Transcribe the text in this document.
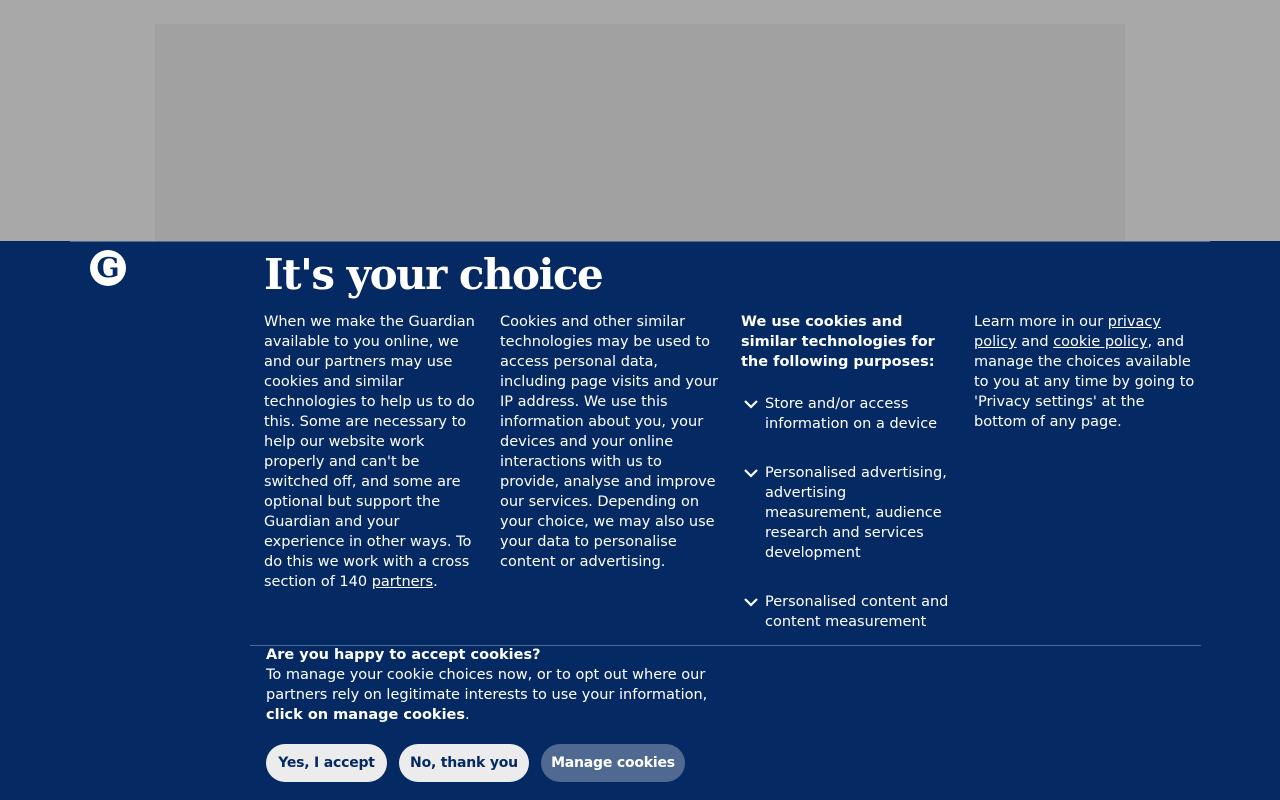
G	It's your choice

When we make the Guardian available to you online, we and our partners may use cookies and similar technologies to help us to do this. Some are necessary to help our website work properly and can't be switched off, and some are optional but support the Guardian and your experience in other ways. To do this we work with a cross section of 140 partners.

Cookies and other similar technologies may be used to access personal data, including page visits and your IP address. We use this information about you, your devices and your online interactions with us to provide, analyse and improve our services. Depending on your choice, we may also use your data to personalise content or advertising.

We use cookies and similar technologies for the following purposes:

Store and/or access information on a device
Personalised advertising, advertising measurement, audience research and services development
Personalised content and content measurement

Learn more in our privacy policy and cookie policy, and manage the choices available to you at any time by going to 'Privacy settings' at the bottom of any page.

Are you happy to accept cookies?

To manage your cookie choices now, or to opt out where our partners rely on legitimate interests to use your information, click on manage cookies.

Yes, I accept	No, thank you	Manage cookies
